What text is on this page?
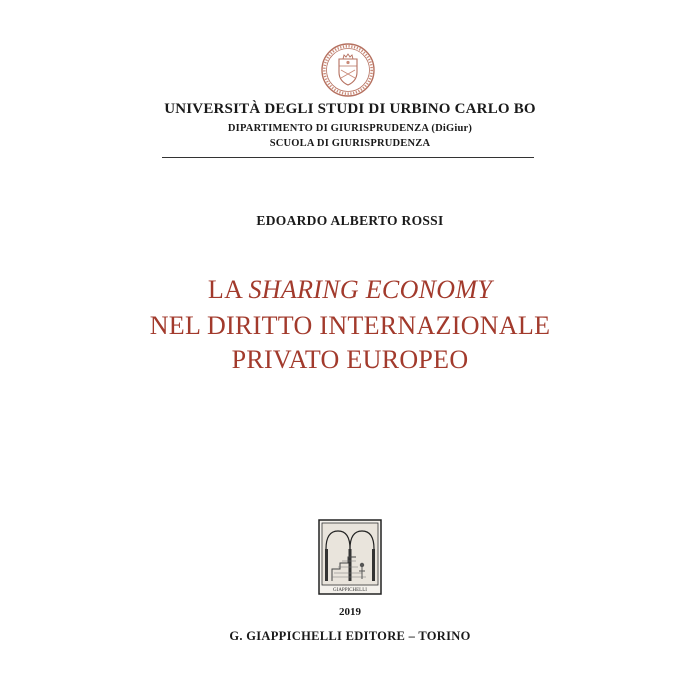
UNIVERSITÀ DEGLI STUDI DI URBINO CARLO BO
DIPARTIMENTO DI GIURISPRUDENZA (DiGiur)
SCUOLA DI GIURISPRUDENZA
EDOARDO ALBERTO ROSSI
LA SHARING ECONOMY
NEL DIRITTO INTERNAZIONALE
PRIVATO EUROPEO
GIAPPICHELLI
2019
G. GIAPPICHELLI EDITORE – TORINO
